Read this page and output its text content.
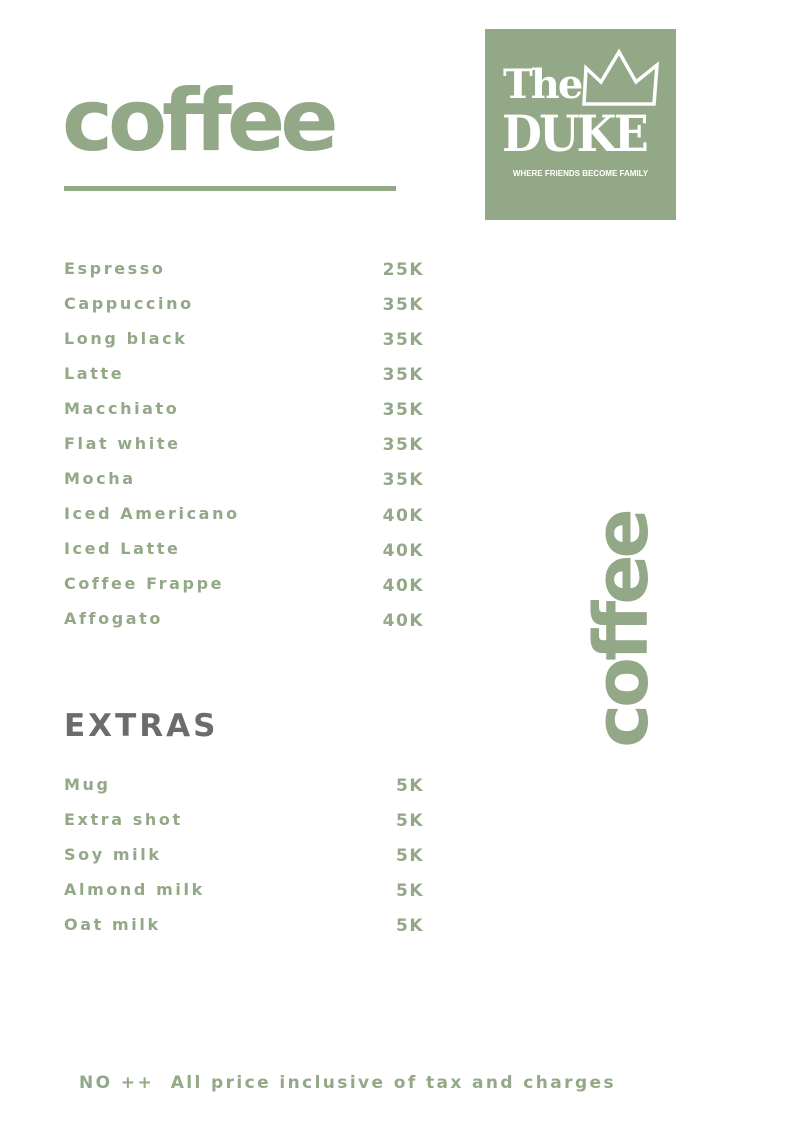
coffee	The
DUKE
WHERE FRIENDS BECOME FAMILY
Espresso	25K
Cappuccino	35K
Long black	35K
Latte	35K
Macchiato	35K
Flat white	35K
Mocha	35K
Iced Americano	40K
Iced Latte	40K
Coffee Frappe	40K
Affogato	40K
EXTRAS
Mug	5K
Extra shot	5K
Soy milk	5K
Almond milk	5K
Oat milk	5K
coffee

NO ++  All price inclusive of tax and charges
